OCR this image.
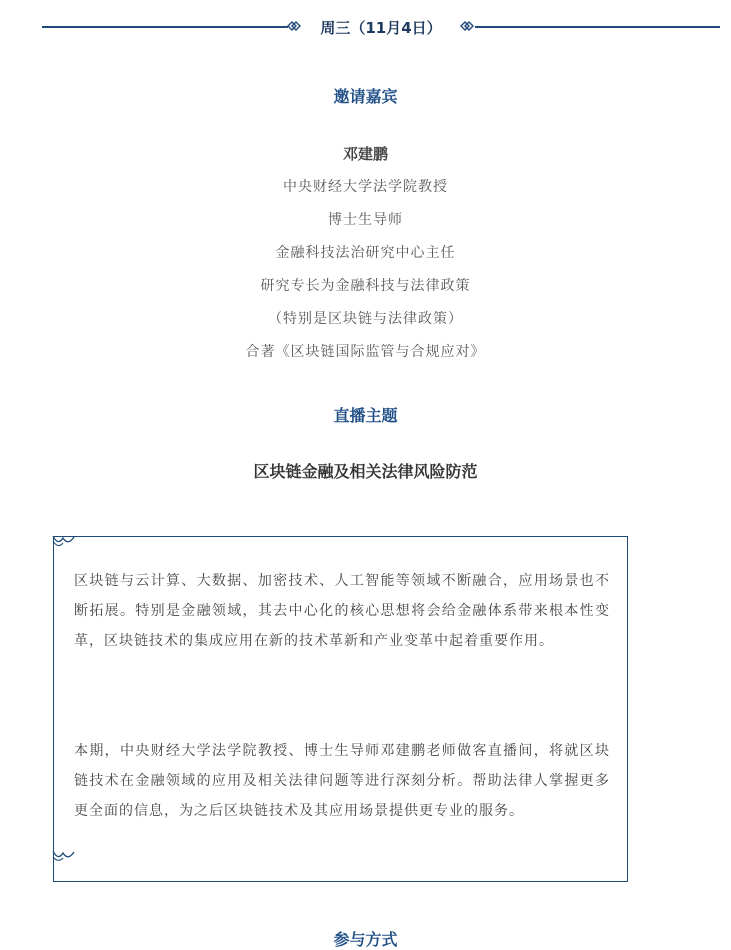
周三（11月4日）
邀请嘉宾
邓建鹏
中央财经大学法学院教授
博士生导师
金融科技法治研究中心主任
研究专长为金融科技与法律政策
（特别是区块链与法律政策）
合著《区块链国际监管与合规应对》
直播主题
区块链金融及相关法律风险防范
区块链与云计算、大数据、加密技术、人工智能等领域不断融合，应用场景也不断拓展。特别是金融领域，其去中心化的核心思想将会给金融体系带来根本性变革，区块链技术的集成应用在新的技术革新和产业变革中起着重要作用。
本期，中央财经大学法学院教授、博士生导师邓建鹏老师做客直播间，将就区块链技术在金融领域的应用及相关法律问题等进行深刻分析。帮助法律人掌握更多更全面的信息，为之后区块链技术及其应用场景提供更专业的服务。
参与方式
